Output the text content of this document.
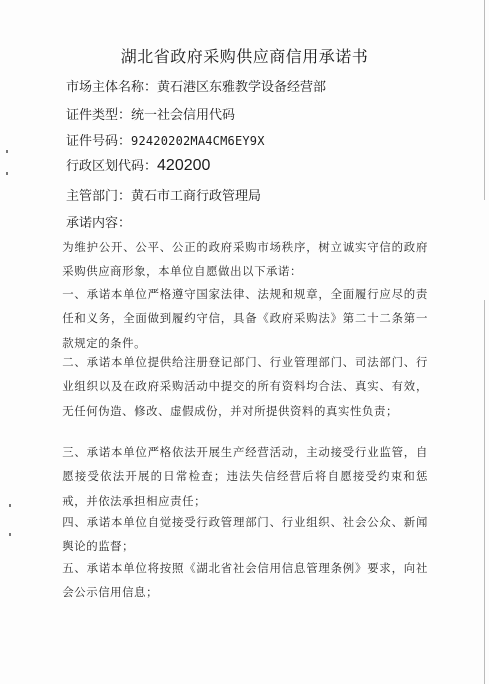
湖北省政府采购供应商信用承诺书
市场主体名称：黄石港区东雅教学设备经营部
证件类型：统一社会信用代码
证件号码：92420202MA4CM6EY9X
行政区划代码：420200
主管部门：黄石市工商行政管理局
承诺内容：
为维护公开、公平、公正的政府采购市场秩序，树立诚实守信的政府采购供应商形象，本单位自愿做出以下承诺：
一、承诺本单位严格遵守国家法律、法规和规章，全面履行应尽的责任和义务，全面做到履约守信，具备《政府采购法》第二十二条第一款规定的条件。
二、承诺本单位提供给注册登记部门、行业管理部门、司法部门、行业组织以及在政府采购活动中提交的所有资料均合法、真实、有效，无任何伪造、修改、虚假成份，并对所提供资料的真实性负责；
三、承诺本单位严格依法开展生产经营活动，主动接受行业监管，自愿接受依法开展的日常检查；违法失信经营后将自愿接受约束和惩戒，并依法承担相应责任；
四、承诺本单位自觉接受行政管理部门、行业组织、社会公众、新闻舆论的监督；
五、承诺本单位将按照《湖北省社会信用信息管理条例》要求，向社会公示信用信息；
